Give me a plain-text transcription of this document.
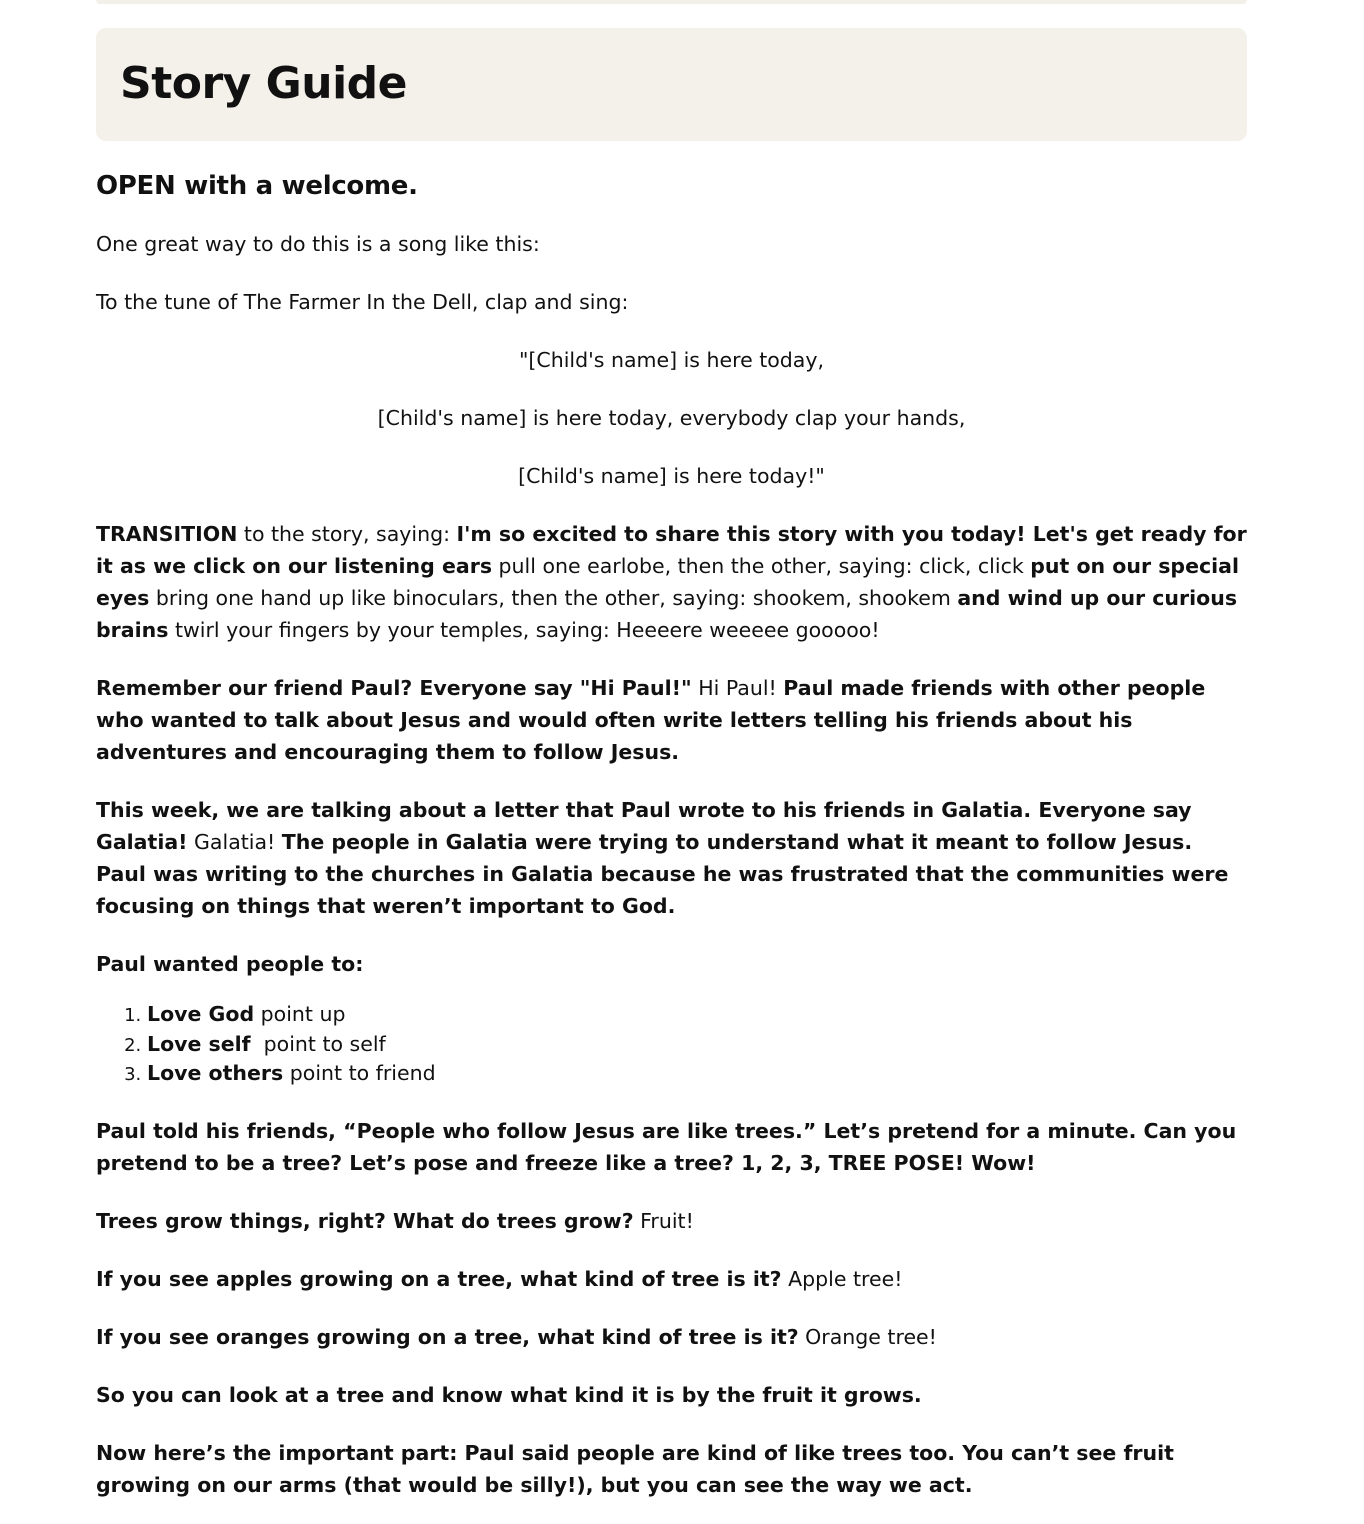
Story Guide
OPEN with a welcome.

One great way to do this is a song like this:

To the tune of The Farmer In the Dell, clap and sing:

"[Child's name] is here today,

[Child's name] is here today, everybody clap your hands,

[Child's name] is here today!"

TRANSITION to the story, saying: I'm so excited to share this story with you today! Let's get ready for it as we click on our listening ears pull one earlobe, then the other, saying: click, click put on our special eyes bring one hand up like binoculars, then the other, saying: shookem, shookem and wind up our curious brains twirl your fingers by your temples, saying: Heeeere weeeee gooooo!

Remember our friend Paul? Everyone say "Hi Paul!" Hi Paul! Paul made friends with other people who wanted to talk about Jesus and would often write letters telling his friends about his adventures and encouraging them to follow Jesus.

This week, we are talking about a letter that Paul wrote to his friends in Galatia. Everyone say Galatia! Galatia! The people in Galatia were trying to understand what it meant to follow Jesus. Paul was writing to the churches in Galatia because he was frustrated that the communities were focusing on things that weren’t important to God.

Paul wanted people to:

1. Love God point up
2. Love self  point to self
3. Love others point to friend

Paul told his friends, “People who follow Jesus are like trees.” Let’s pretend for a minute. Can you pretend to be a tree? Let’s pose and freeze like a tree? 1, 2, 3, TREE POSE! Wow!

Trees grow things, right? What do trees grow? Fruit!

If you see apples growing on a tree, what kind of tree is it? Apple tree!

If you see oranges growing on a tree, what kind of tree is it? Orange tree!

So you can look at a tree and know what kind it is by the fruit it grows.

Now here’s the important part: Paul said people are kind of like trees too. You can’t see fruit growing on our arms (that would be silly!), but you can see the way we act.
